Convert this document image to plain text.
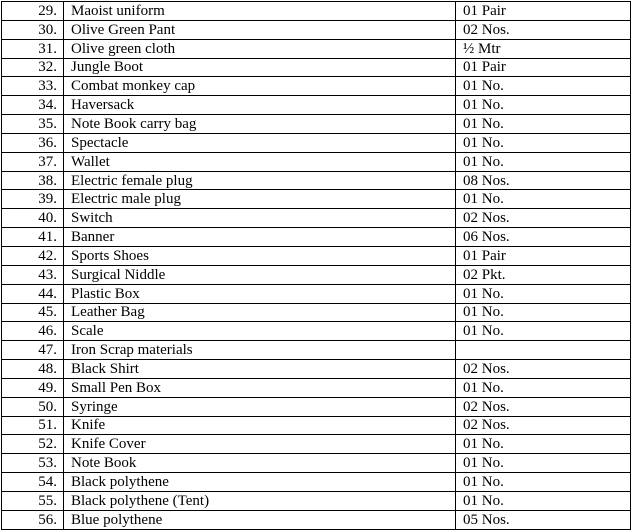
29.	Maoist uniform	01 Pair
30.	Olive Green Pant	02 Nos.
31.	Olive green cloth	½ Mtr
32.	Jungle Boot	01 Pair
33.	Combat monkey cap	01 No.
34.	Haversack	01 No.
35.	Note Book carry bag	01 No.
36.	Spectacle	01 No.
37.	Wallet	01 No.
38.	Electric female plug	08 Nos.
39.	Electric male plug	01 No.
40.	Switch	02 Nos.
41.	Banner	06 Nos.
42.	Sports Shoes	01 Pair
43.	Surgical Niddle	02 Pkt.
44.	Plastic Box	01 No.
45.	Leather Bag	01 No.
46.	Scale	01 No.
47.	Iron Scrap materials	
48.	Black Shirt	02 Nos.
49.	Small Pen Box	01 No.
50.	Syringe	02 Nos.
51.	Knife	02 Nos.
52.	Knife Cover	01 No.
53.	Note Book	01 No.
54.	Black polythene	01 No.
55.	Black polythene (Tent)	01 No.
56.	Blue polythene	05 Nos.
